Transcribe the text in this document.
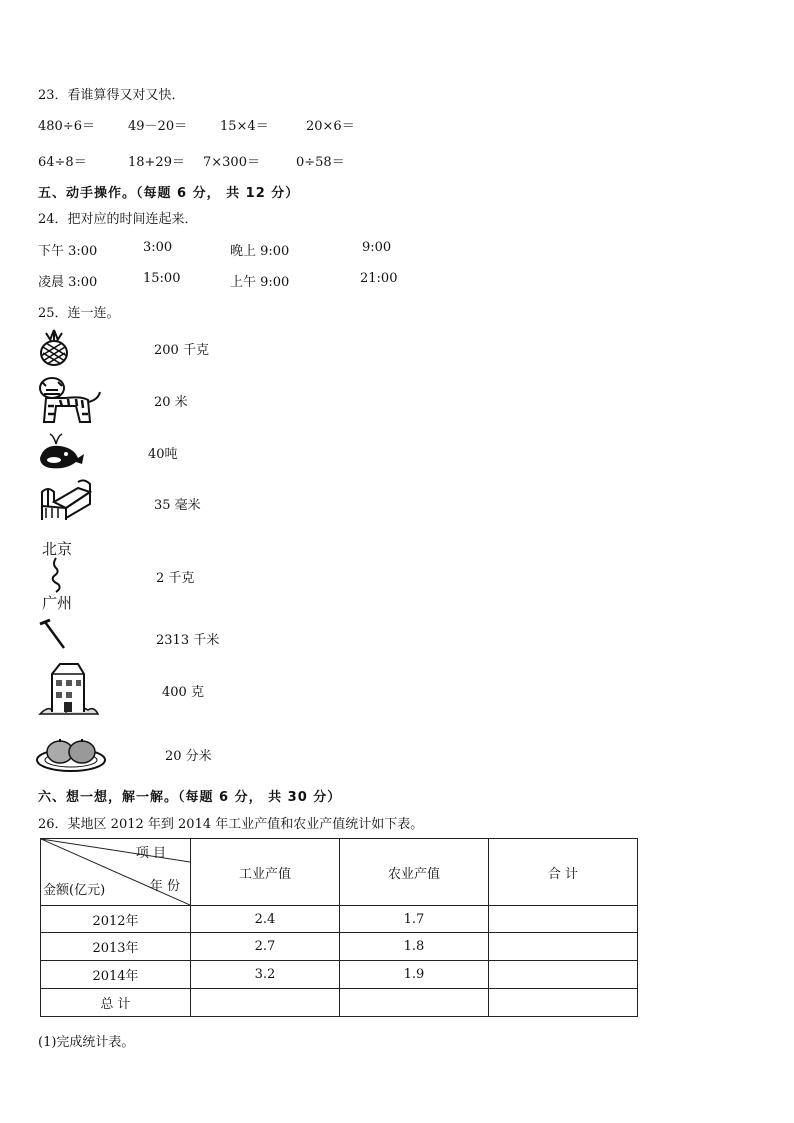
23．看谁算得又对又快．
480÷6＝	49－20＝	15×4＝	20×6＝
64÷8＝	18+29＝ 7×300＝	0÷58＝
五、动手操作。（每题 6 分， 共 12 分）
24．把对应的时间连起来．
下午 3:00	3:00	晚上 9:00	9:00
凌晨 3:00	15:00	上午 9:00	21:00
25．连一连。
200 千克
20 米
40吨
35 毫米
北京
广州
2 千克
2313 千米
400 克
20 分米
六、想一想，解一解。（每题 6 分， 共 30 分）
26．某地区 2012 年到 2014 年工业产值和农业产值统计如下表。
项 目
年 份
金额(亿元)	工业产值	农业产值	合 计
2012年	2.4	1.7	
2013年	2.7	1.8	
2014年	3.2	1.9	
总 计			
(1)完成统计表。
